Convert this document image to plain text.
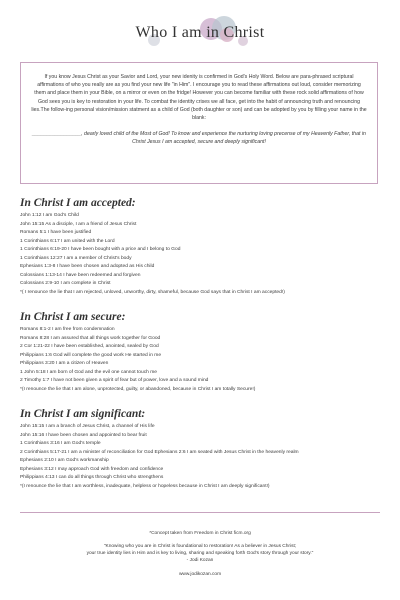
Who I am in Christ

If you know Jesus Christ as your Savior and Lord, your new idenity is confirmed in God's Holy Word. Below are para-phrased scriptural affirmations of who you really are as you find your new life "in Him". I encourage you to read these affirmations out loud, consider memorizing them and place them in your Bible, on a mirror or even on the fridge! However you can become familiar with these rock solid affirmations of how God sees you is key to restoration in your life. To combat the identity crises we all face, get into the habit of announcing truth and renouncing lies.The follow-ing personal vision/mission statment as a child of God (both daughter or son) and can be adopted by you by filling your name in the blank:

_________________, dearly loved child of the Most of God! To know and experience the nurturing loving precense of my Heavenly Father, that in Christ Jesus I am accepted, secure and deeply significant!

In Christ I am accepted:

John 1:12 I am God's Child

John 15:15 As a disciple, I am a friend of Jesus Christ

Romans 5:1 I have been justified

1 Corinthians 6:17 I am united with the Lord

1 Corinthians 6:19-20 I have been bought with a price and I belong to God

1 Corinthians 12:27 I am a member of Christ's body

Ephesians 1:3-8 I have been chosen and adopted as His child

Colossians 1:13-14 I have been redeemed and forgiven

Colossians 2:9-10 I am complete in Christ

*( I renounce the lie that I am rejected, unloved, unworthy, dirty, shameful, because God says that in Christ I am accepted!)

In Christ I am secure:

Romans 8:1-2 I am free from condemnation

Romans 8:28 I am assured that all things work together for Good

2 Cor 1:21-22 I have been established, anointed, sealed by God

Philippians 1:6 God will complete the good work He started in me

Philippians 3:20 I am a citizen of Heaven

1 John 5:18 I am born of God and the evil one cannot touch me

2 Timothy 1:7 I have not been given a spirit of fear but of power, love and a sound mind

*(I renounce the lie that I am alone, unprotected, guilty, or abandoned, because in Christ I am totally Secure!)

In Christ I am significant:

John 15:15 I am a branch of Jesus Christ, a channel of His life

John 15:16 I have been chosen and appointed to bear fruit

1 Corinthians 3:16 I am God's temple

2 Corinthians 5:17-21 I am a minister of reconciliation for God Ephesians 2:6 I am seated with Jesus Christ in the heavenly realm

Ephesians 2:10 I am God's workmanship

Ephesians 3:12 I may approach God with freedom and confidence

Philippians 4:13 I can do all things through Christ who strengthens

*(I renounce the lie that I am worthless, inadequate, helpless or hopeless because in Christ I am deeply significant!)

*Concept taken from Freedom in Christ ficm.org
"Knowing who you are in Christ is foundational to restoration! As a believer in Jesus Christ;
your true identity lies in Him and is key to living, sharing and speaking forth God's story through your story."
- Jodi Kozan
www.jodikozan.com
